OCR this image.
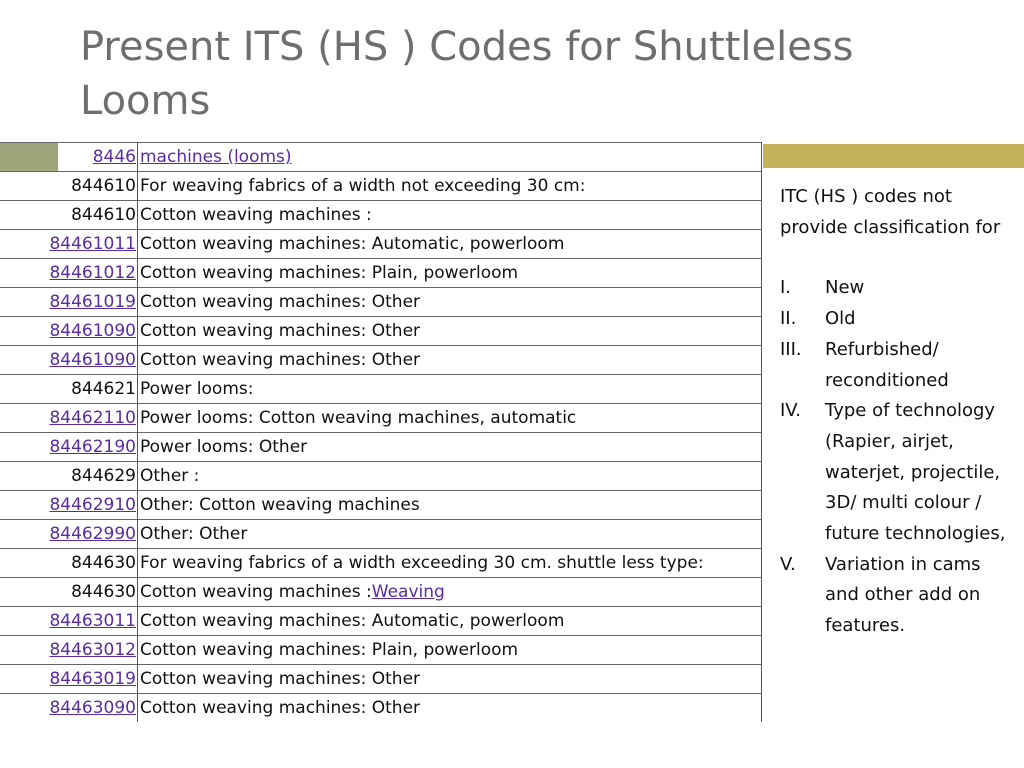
Present ITS (HS ) Codes for Shuttleless Looms
8446	machines (looms)
844610	For weaving fabrics of a width not exceeding 30 cm:
844610	Cotton weaving machines :
84461011	Cotton weaving machines: Automatic, powerloom
84461012	Cotton weaving machines: Plain, powerloom
84461019	Cotton weaving machines: Other
84461090	Cotton weaving machines: Other
84461090	Cotton weaving machines: Other
844621	Power looms:
84462110	Power looms: Cotton weaving machines, automatic
84462190	Power looms: Other
844629	Other :
84462910	Other: Cotton weaving machines
84462990	Other: Other
844630	For weaving fabrics of a width exceeding 30 cm. shuttle less type:
844630	Cotton weaving machines :Weaving
84463011	Cotton weaving machines: Automatic, powerloom
84463012	Cotton weaving machines: Plain, powerloom
84463019	Cotton weaving machines: Other
84463090	Cotton weaving machines: Other

ITC (HS ) codes not provide classification for

I.	New
II.	Old
III.	Refurbished/ reconditioned
IV.	Type of technology (Rapier, airjet, waterjet, projectile, 3D/ multi colour / future technologies,
V.	Variation in cams and other add on features.
